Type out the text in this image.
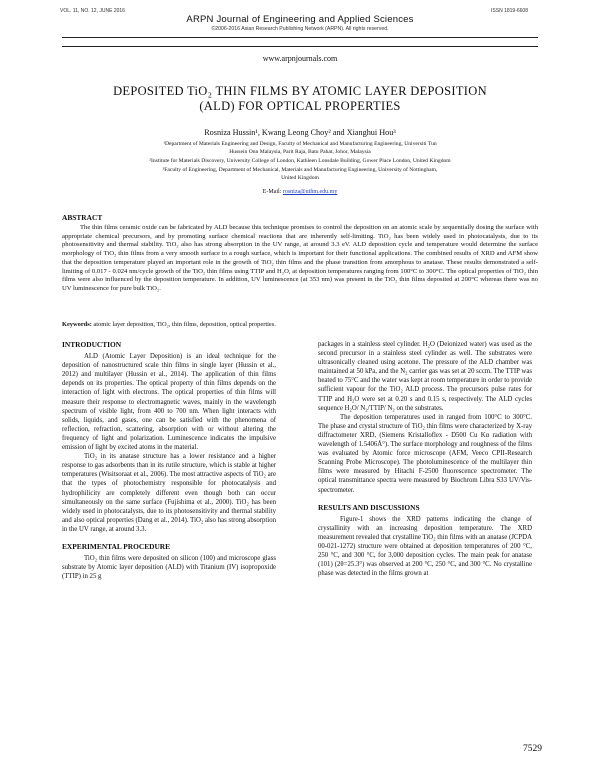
VOL. 11, NO. 12, JUNE 2016	ISSN 1819-6608
ARPN Journal of Engineering and Applied Sciences
©2006-2016 Asian Research Publishing Network (ARPN). All rights reserved.
www.arpnjournals.com
DEPOSITED TiO₂ THIN FILMS BY ATOMIC LAYER DEPOSITION
(ALD) FOR OPTICAL PROPERTIES
Rosniza Hussin¹, Kwang Leong Choy² and Xianghui Hou³
¹Department of Materials Engineering and Design, Faculty of Mechanical and Manufacturing Engineering, Universiti Tun
Hussein Onn Malaysia, Parit Raja, Batu Pahat, Johor, Malaysia
²Institute for Materials Discovery, University College of London, Kathleen Lonsdale Building, Gower Place London, United Kingdom
³Faculty of Engineering, Department of Mechanical, Materials and Manufacturing Engineering, University of Nottingham,
United Kingdom
E-Mail: rosniza@uthm.edu.my
ABSTRACT

The thin films ceramic oxide can be fabricated by ALD because this technique promises to control the deposition on an atomic scale by sequentially dosing the surface with appropriate chemical precursors, and by promoting surface chemical reactions that are inherently self-limiting. TiO₂ has been widely used in photocatalysts, due to its photosensitivity and thermal stability. TiO₂ also has strong absorption in the UV range, at around 3.3 eV. ALD deposition cycle and temperature would determine the surface morphology of TiO₂ thin films from a very smooth surface to a rough surface, which is important for their functional applications. The combined results of XRD and AFM show that the deposition temperature played an important role in the growth of TiO₂ thin films and the phase transition from amorphous to anatase. These results demonstrated a self-limiting of 0.017 - 0.024 nm/cycle growth of the TiO₂ thin films using TTIP and H₂O, at deposition temperatures ranging from 100°C to 300°C. The optical properties of TiO₂ thin films were also influenced by the deposition temperature. In addition, UV luminescence (at 353 nm) was present in the TiO₂ thin films deposited at 200°C whereas there was no UV luminescence for pure bulk TiO₂.

Keywords: atomic layer deposition, TiO₂, thin films, deposition, optical properties.
INTRODUCTION

ALD (Atomic Layer Deposition) is an ideal technique for the deposition of nanostructured scale thin films in single layer (Hussin et al., 2012) and multilayer (Hussin et al., 2014). The application of thin films depends on its properties. The optical property of thin films depends on the interaction of light with electrons. The optical properties of thin films will measure their response to electromagnetic waves, mainly in the wavelength spectrum of visible light, from 400 to 700 nm. When light interacts with solids, liquids, and gases, one can be satisfied with the phenomena of reflection, refraction, scattering, absorption with or without altering the frequency of light and polarization. Luminescence indicates the impulsive emission of light by excited atoms in the material.

TiO₂ in its anatase structure has a lower resistance and a higher response to gas adsorbents than in its rutile structure, which is stable at higher temperatures (Wisitsoraat et al., 2006). The most attractive aspects of TiO₂ are that the types of photochemistry responsible for photocatalysis and hydrophilicity are completely different even though both can occur simultaneously on the same surface (Fujishima et al., 2000). TiO₂ has been widely used in photocatalysts, due to its photosensitivity and thermal stability and also optical properties (Dang et al., 2014). TiO₂ also has strong absorption in the UV range, at around 3.3.

EXPERIMENTAL PROCEDURE

TiO₂ thin films were deposited on silicon (100) and microscope glass substrate by Atomic layer deposition (ALD) with Titanium (IV) isopropoxide (TTIP) in 25 g

packages in a stainless steel cylinder. H₂O (Deionized water) was used as the second precursor in a stainless steel cylinder as well. The substrates were ultrasonically cleaned using acetone. The pressure of the ALD chamber was maintained at 50 kPa, and the N₂ carrier gas was set at 20 sccm. The TTIP was heated to 75°C and the water was kept at room temperature in order to provide sufficient vapour for the TiO₂ ALD process. The precursors pulse rates for TTIP and H₂O were set at 0.20 s and 0.15 s, respectively. The ALD cycles sequence H₂O/ N₂/TTIP/ N₂ on the substrates.

The deposition temperatures used in ranged from 100°C to 300°C. The phase and crystal structure of TiO₂ thin films were characterized by X-ray diffractometer XRD, (Siemens Kristalloflex - D500 Cu Kα radiation with wavelength of 1.5406Å°). The surface morphology and roughness of the films was evaluated by Atomic force microscope (AFM, Veeco CPII-Research Scanning Probe Microscope). The photoluminescence of the multilayer thin films were measured by Hitachi F-2500 fluorescence spectrometer. The optical transmittance spectra were measured by Biochrom Libra S33 UV/Vis-spectrometer.

RESULTS AND DISCUSSIONS

Figure-1 shows the XRD patterns indicating the change of crystallinity with an increasing deposition temperature. The XRD measurement revealed that crystalline TiO₂ thin films with an anatase (JCPDA 00-021-1272) structure were obtained at deposition temperatures of 200 °C, 250 °C, and 300 °C, for 3,000 deposition cycles. The main peak for anatase (101) (2θ=25.3°) was observed at 200 °C, 250 °C, and 300 °C. No crystalline phase was detected in the films grown at

7529
